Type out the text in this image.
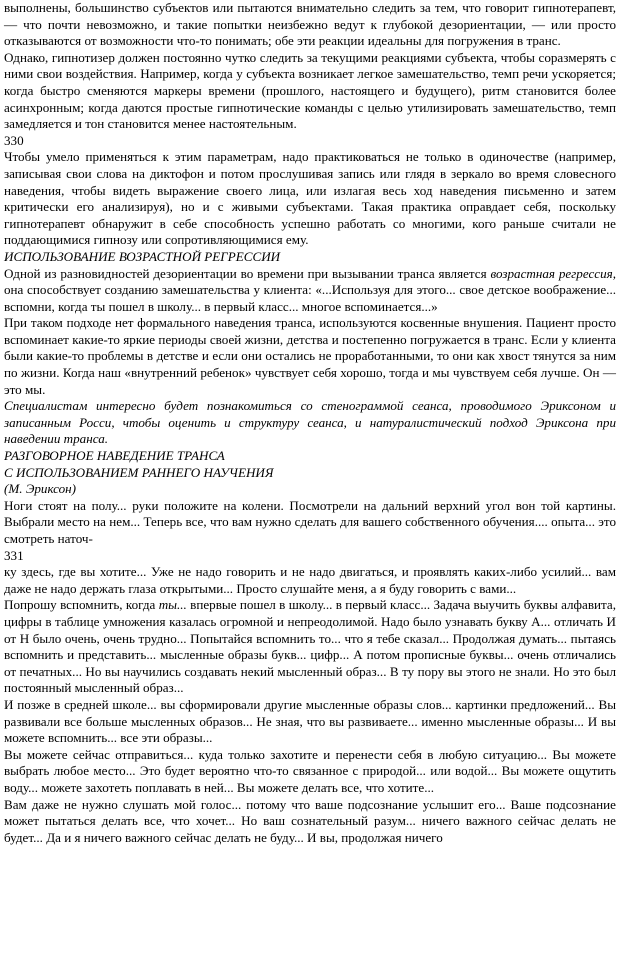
выполнены, большинство субъектов или пытаются внимательно следить за тем, что говорит гипнотерапевт, — что почти невозможно, и такие попытки неизбежно ведут к глубокой дезориентации, — или просто отказываются от возможности что-то понимать; обе эти реакции идеальны для погружения в транс.

Однако, гипнотизер должен постоянно чутко следить за текущими реакциями субъекта, чтобы соразмерять с ними свои воздействия. Например, когда у субъекта возникает легкое замешательство, темп речи ускоряется; когда быстро сменяются маркеры времени (прошлого, настоящего и будущего), ритм становится более асинхронным; когда даются простые гипнотические команды с целью утилизировать замешательство, темп замедляется и тон становится менее настоятельным.

330

Чтобы умело применяться к этим параметрам, надо практиковаться не только в одиночестве (например, записывая свои слова на диктофон и потом прослушивая запись или глядя в зеркало во время словесного наведения, чтобы видеть выражение своего лица, или излагая весь ход наведения письменно и затем критически его анализируя), но и с живыми субъектами. Такая практика оправдает себя, поскольку гипнотерапевт обнаружит в себе способность успешно работать со многими, кого раньше считали не поддающимися гипнозу или сопротивляющимися ему.

ИСПОЛЬЗОВАНИЕ ВОЗРАСТНОЙ РЕГРЕССИИ

Одной из разновидностей дезориентации во времени при вызывании транса является возрастная регрессия, она способствует созданию замешательства у клиента: «...Используя для этого... свое детское воображение... вспомни, когда ты пошел в школу... в первый класс... многое вспоминается...»

При таком подходе нет формального наведения транса, используются косвенные внушения. Пациент просто вспоминает какие-то яркие периоды своей жизни, детства и постепенно погружается в транс. Если у клиента были какие-то проблемы в детстве и если они остались не проработанными, то они как хвост тянутся за ним по жизни. Когда наш «внутренний ребенок» чувствует себя хорошо, тогда и мы чувствуем себя лучше. Он — это мы.

Специалистам интересно будет познакомиться со стенограммой сеанса, проводимого Эриксоном и записанным Росси, чтобы оценить и структуру сеанса, и натуралистический подход Эриксона при наведении транса.

РАЗГОВОРНОЕ НАВЕДЕНИЕ ТРАНСА

С ИСПОЛЬЗОВАНИЕМ РАННЕГО НАУЧЕНИЯ

(М. Эриксон)

Ноги стоят на полу... руки положите на колени. Посмотрели на дальний верхний угол вон той картины. Выбрали место на нем... Теперь все, что вам нужно сделать для вашего собственного обучения.... опыта... это смотреть наточ-

331

ку здесь, где вы хотите... Уже не надо говорить и не надо двигаться, и проявлять каких-либо усилий... вам даже не надо держать глаза открытыми... Просто слушайте меня, а я буду говорить с вами...

Попрошу вспомнить, когда ты... впервые пошел в школу... в первый класс... Задача выучить буквы алфавита, цифры в таблице умножения казалась огромной и непреодолимой. Надо было узнавать букву А... отличать И от Н было очень, очень трудно... Попытайся вспомнить то... что я тебе сказал... Продолжая думать... пытаясь вспомнить и представить... мысленные образы букв... цифр... А потом прописные буквы... очень отличались от печатных... Но вы научились создавать некий мысленный образ... В ту пору вы этого не знали. Но это был постоянный мысленный образ...

И позже в средней школе... вы сформировали другие мысленные образы слов... картинки предложений... Вы развивали все больше мысленных образов... Не зная, что вы развиваете... именно мысленные образы... И вы можете вспомнить... все эти образы...

Вы можете сейчас отправиться... куда только захотите и перенести себя в любую ситуацию... Вы можете выбрать любое место... Это будет вероятно что-то связанное с природой... или водой... Вы можете ощутить воду... можете захотеть поплавать в ней... Вы можете делать все, что хотите...

Вам даже не нужно слушать мой голос... потому что ваше подсознание услышит его... Ваше подсознание может пытаться делать все, что хочет... Но ваш сознательный разум... ничего важного сейчас делать не будет... Да и я ничего важного сейчас делать не буду... И вы, продолжая ничего
